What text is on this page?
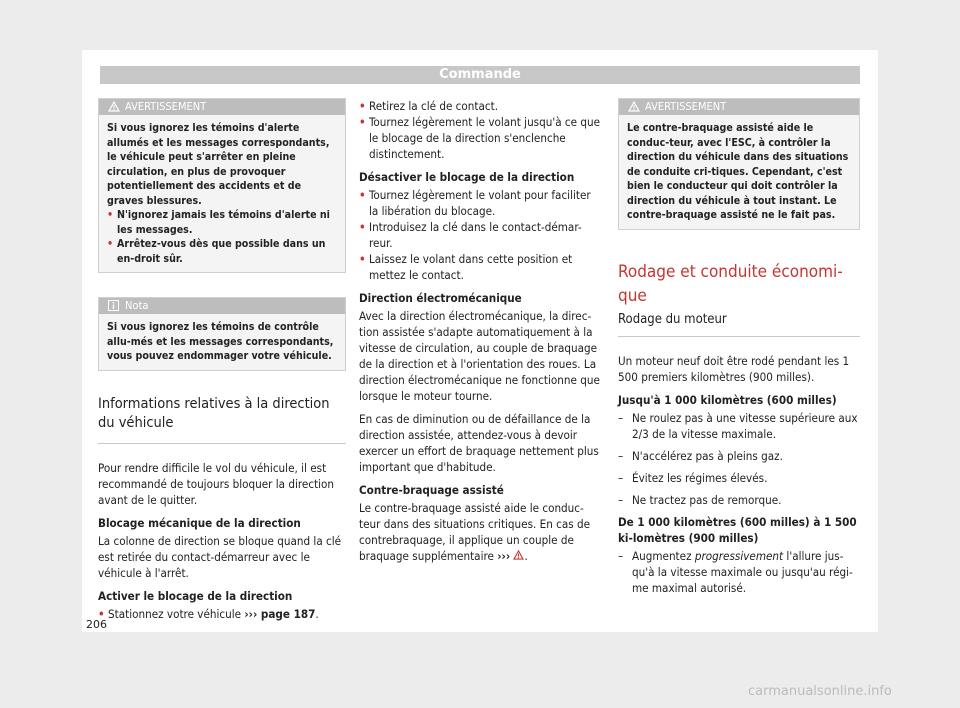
Commande
AVERTISSEMENT

Si vous ignorez les témoins d'alerte allumés et les messages correspondants, le véhicule peut s'arrêter en pleine circulation, en plus de provoquer potentiellement des accidents et de graves blessures.

• N'ignorez jamais les témoins d'alerte ni les messages.
• Arrêtez-vous dès que possible dans un en-droit sûr.
Nota

Si vous ignorez les témoins de contrôle allu-més et les messages correspondants, vous pouvez endommager votre véhicule.

Informations relatives à la direction du véhicule

Pour rendre difficile le vol du véhicule, il est recommandé de toujours bloquer la direction avant de le quitter.

Blocage mécanique de la direction

La colonne de direction se bloque quand la clé est retirée du contact-démarreur avec le véhicule à l'arrêt.

Activer le blocage de la direction

• Stationnez votre véhicule ››› page 187.
• Retirez la clé de contact.
• Tournez légèrement le volant jusqu'à ce que le blocage de la direction s'enclenche distinctement.

Désactiver le blocage de la direction

• Tournez légèrement le volant pour faciliter la libération du blocage.
• Introduisez la clé dans le contact-démar-reur.
• Laissez le volant dans cette position et mettez le contact.

Direction électromécanique

Avec la direction électromécanique, la direc-tion assistée s'adapte automatiquement à la vitesse de circulation, au couple de braquage de la direction et à l'orientation des roues. La direction électromécanique ne fonctionne que lorsque le moteur tourne.

En cas de diminution ou de défaillance de la direction assistée, attendez-vous à devoir exercer un effort de braquage nettement plus important que d'habitude.

Contre-braquage assisté

Le contre-braquage assisté aide le conduc-teur dans des situations critiques. En cas de contrebraquage, il applique un couple de braquage supplémentaire ››› .

AVERTISSEMENT

Le contre-braquage assisté aide le conduc-teur, avec l'ESC, à contrôler la direction du véhicule dans des situations de conduite cri-tiques. Cependant, c'est bien le conducteur qui doit contrôler la direction du véhicule à tout instant. Le contre-braquage assisté ne le fait pas.

Rodage et conduite économi-que
Rodage du moteur

Un moteur neuf doit être rodé pendant les 1 500 premiers kilomètres (900 milles).

Jusqu'à 1 000 kilomètres (600 milles)

– Ne roulez pas à une vitesse supérieure aux 2/3 de la vitesse maximale.
– N'accélérez pas à pleins gaz.
– Évitez les régimes élevés.
– Ne tractez pas de remorque.

De 1 000 kilomètres (600 milles) à 1 500 ki-lomètres (900 milles)

– Augmentez progressivement l'allure jus-qu'à la vitesse maximale ou jusqu'au régi-me maximal autorisé.
206
carmanualsonline.info
